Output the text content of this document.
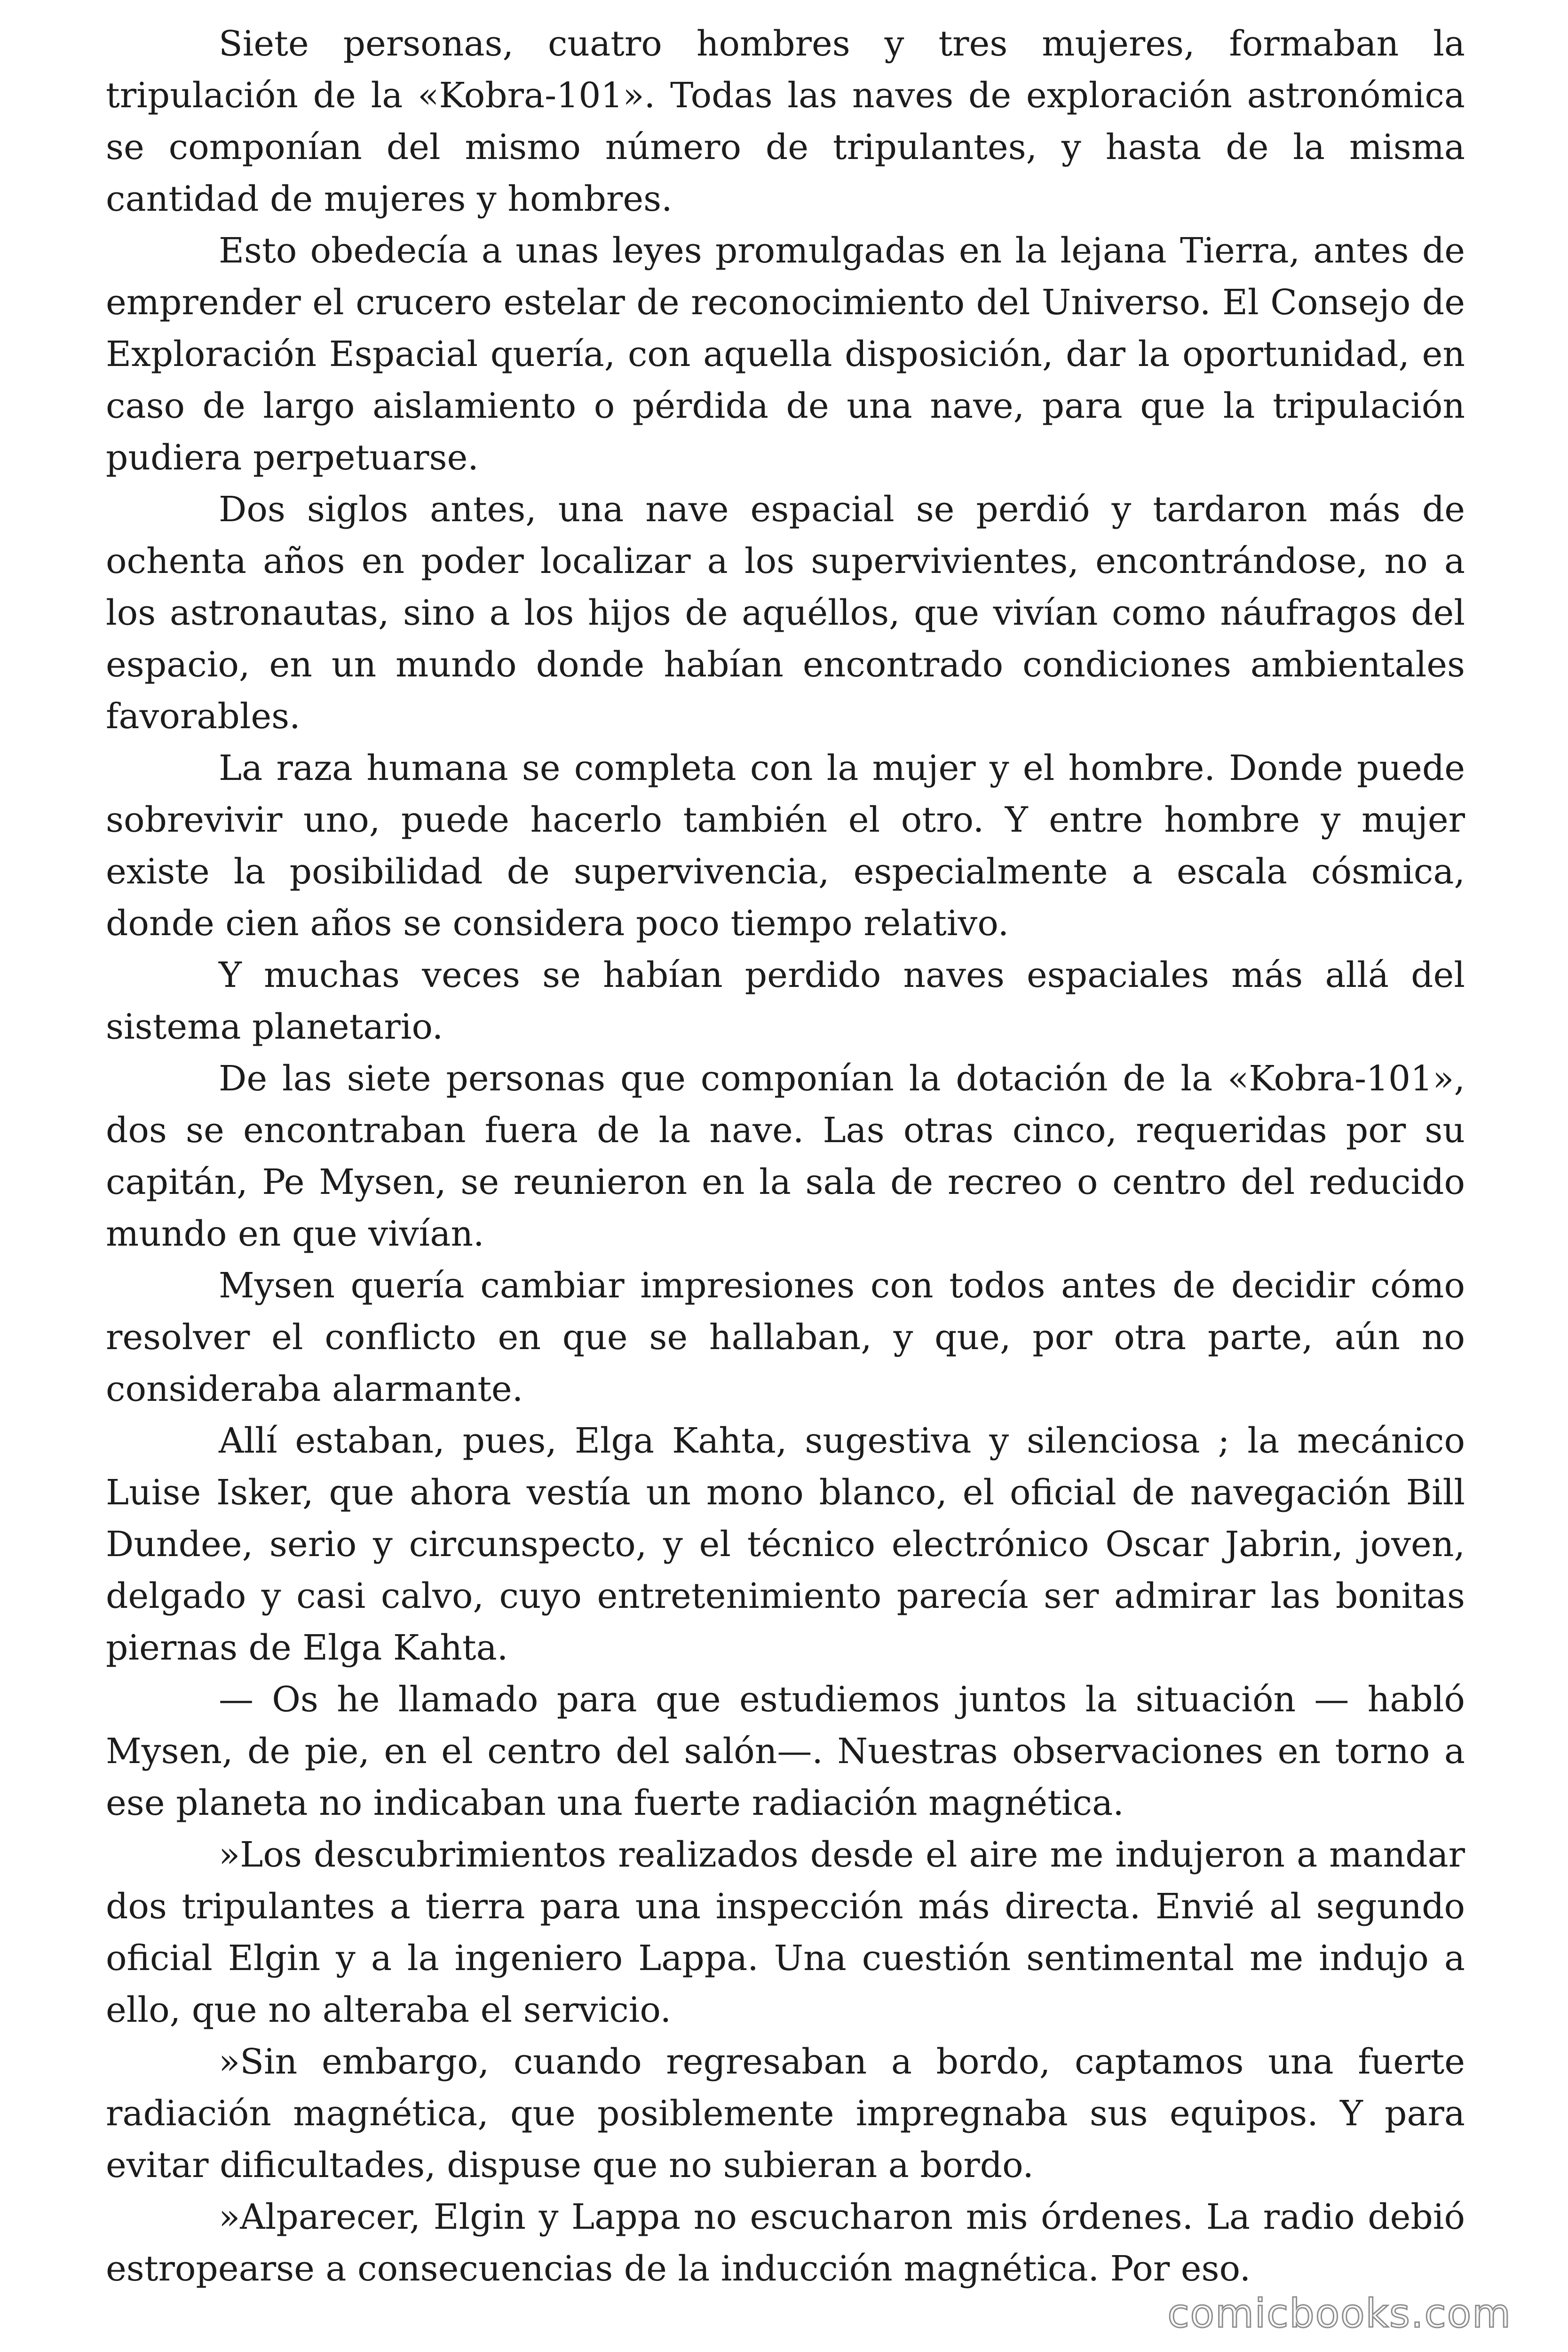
Siete personas, cuatro hombres y tres mujeres, formaban la tripulación de la «Kobra-101». Todas las naves de exploración astronómica se componían del mismo número de tripulantes, y hasta de la misma cantidad de mujeres y hombres.

Esto obedecía a unas leyes promulgadas en la lejana Tierra, antes de emprender el crucero estelar de reconocimiento del Universo. El Consejo de Exploración Espacial quería, con aquella disposición, dar la oportunidad, en caso de largo aislamiento o pérdida de una nave, para que la tripulación pudiera perpetuarse.

Dos siglos antes, una nave espacial se perdió y tardaron más de ochenta años en poder localizar a los supervivientes, encontrándose, no a los astronautas, sino a los hijos de aquéllos, que vivían como náufragos del espacio, en un mundo donde habían encontrado condiciones ambientales favorables.

La raza humana se completa con la mujer y el hombre. Donde puede sobrevivir uno, puede hacerlo también el otro. Y entre hombre y mujer existe la posibilidad de supervivencia, especialmente a escala cósmica, donde cien años se considera poco tiempo relativo.

Y muchas veces se habían perdido naves espaciales más allá del sistema planetario.

De las siete personas que componían la dotación de la «Kobra-101», dos se encontraban fuera de la nave. Las otras cinco, requeridas por su capitán, Pe Mysen, se reunieron en la sala de recreo o centro del reducido mundo en que vivían.

Mysen quería cambiar impresiones con todos antes de decidir cómo resolver el conflicto en que se hallaban, y que, por otra parte, aún no consideraba alarmante.

Allí estaban, pues, Elga Kahta, sugestiva y silenciosa ; la mecánico Luise Isker, que ahora vestía un mono blanco, el oficial de navegación Bill Dundee, serio y circunspecto, y el técnico electrónico Oscar Jabrin, joven, delgado y casi calvo, cuyo entretenimiento parecía ser admirar las bonitas piernas de Elga Kahta.

— Os he llamado para que estudiemos juntos la situación — habló Mysen, de pie, en el centro del salón—. Nuestras observaciones en torno a ese planeta no indicaban una fuerte radiación magnética.

»Los descubrimientos realizados desde el aire me indujeron a mandar dos tripulantes a tierra para una inspección más directa. Envié al segundo oficial Elgin y a la ingeniero Lappa. Una cuestión sentimental me indujo a ello, que no alteraba el servicio.

»Sin embargo, cuando regresaban a bordo, captamos una fuerte radiación magnética, que posiblemente impregnaba sus equipos. Y para evitar dificultades, dispuse que no subieran a bordo.

»Alparecer, Elgin y Lappa no escucharon mis órdenes. La radio debió estropearse a consecuencias de la inducción magnética. Por eso.

comicbooks.com
